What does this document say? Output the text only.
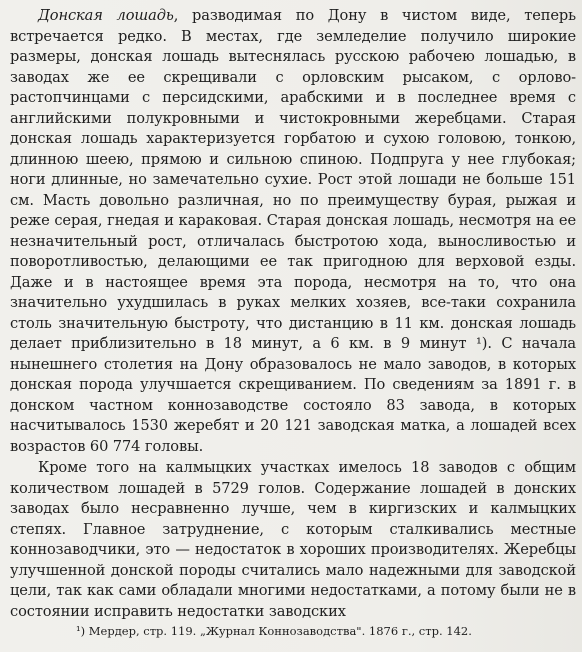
Донская лошадь, разводимая по Дону в чистом виде, теперь встречается редко. В местах, где земледелие получило широкие размеры, донская лошадь вытеснялась русскою рабочею лошадью, в заводах же ее скрещивали с орловским рысаком, с орлово-растопчинцами с персидскими, арабскими и в последнее время с английскими полукровными и чистокровными жеребцами. Старая донская лошадь характеризуется горбатою и сухою головою, тонкою, длинною шеею, прямою и сильною спиною. Подпруга у нее глубокая; ноги длинные, но замечательно сухие. Рост этой лошади не больше 151 см. Масть довольно различная, но по преимуществу бурая, рыжая и реже серая, гнедая и караковая. Старая донская лошадь, несмотря на ее незначительный рост, отличалась быстротою хода, выносливостью и поворотливостью, делающими ее так пригодною для верховой езды. Даже и в настоящее время эта порода, несмотря на то, что она значительно ухудшилась в руках мелких хозяев, все-таки сохранила столь значительную быстроту, что дистанцию в 11 км. донская лошадь делает приблизительно в 18 минут, а 6 км. в 9 минут ¹). С начала нынешнего столетия на Дону образовалось не мало заводов, в которых донская порода улучшается скрещиванием. По сведениям за 1891 г. в донском частном коннозаводстве состояло 83 завода, в которых насчитывалось 1530 жеребят и 20 121 заводская матка, а лошадей всех возрастов 60 774 головы.

Кроме того на калмыцких участках имелось 18 заводов с общим количеством лошадей в 5729 голов. Содержание лошадей в донских заводах было несравненно лучше, чем в киргизских и калмыцких степях. Главное затруднение, с которым сталкивались местные коннозаводчики, это — недостаток в хороших производителях. Жеребцы улучшенной донской породы считались мало надежными для заводской цели, так как сами обладали многими недостатками, а потому были не в состоянии исправить недостатки заводских

¹) Мердер, стр. 119. „Журнал Коннозаводства". 1876 г., стр. 142.
